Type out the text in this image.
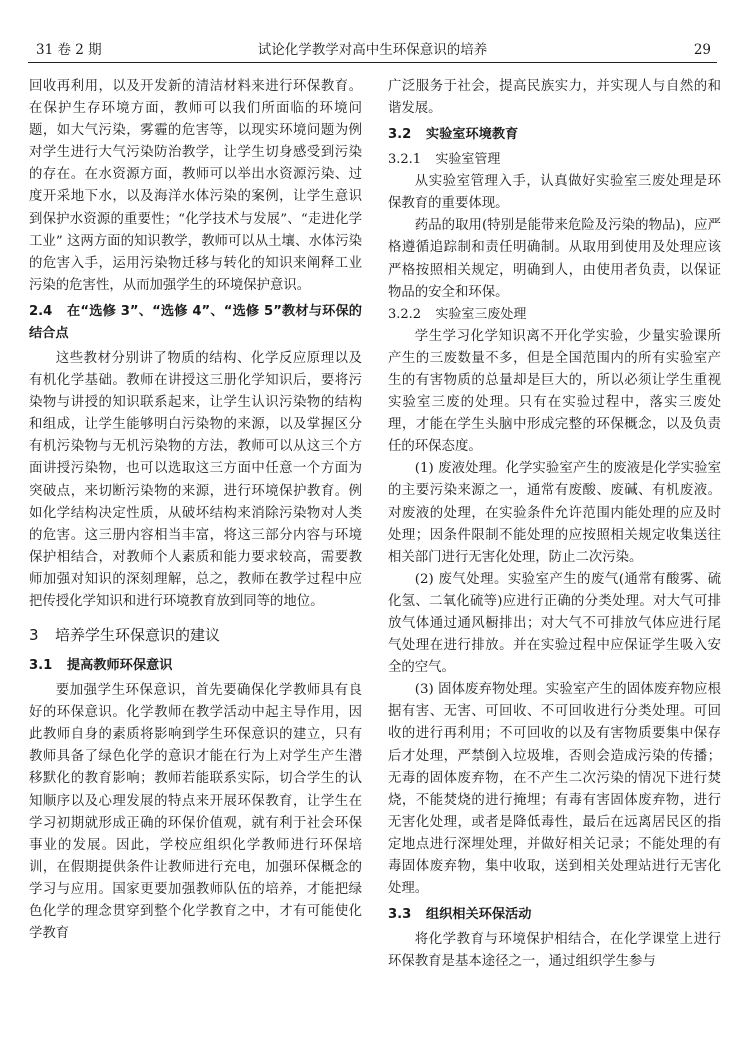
31 卷 2 期	试论化学教学对高中生环保意识的培养	29

回收再利用，以及开发新的清洁材料来进行环保教育。在保护生存环境方面，教师可以我们所面临的环境问题，如大气污染，雾霾的危害等，以现实环境问题为例对学生进行大气污染防治教学，让学生切身感受到污染的存在。在水资源方面，教师可以举出水资源污染、过度开采地下水，以及海洋水体污染的案例，让学生意识到保护水资源的重要性；“化学技术与发展”、“走进化学工业” 这两方面的知识教学，教师可以从土壤、水体污染的危害入手，运用污染物迁移与转化的知识来阐释工业污染的危害性，从而加强学生的环境保护意识。

2.4 在“选修 3”、“选修 4”、“选修 5”教材与环保的结合点

这些教材分别讲了物质的结构、化学反应原理以及有机化学基础。教师在讲授这三册化学知识后，要将污染物与讲授的知识联系起来，让学生认识污染物的结构和组成，让学生能够明白污染物的来源，以及掌握区分有机污染物与无机污染物的方法，教师可以从这三个方面讲授污染物，也可以选取这三方面中任意一个方面为突破点，来切断污染物的来源，进行环境保护教育。例如化学结构决定性质，从破坏结构来消除污染物对人类的危害。这三册内容相当丰富，将这三部分内容与环境保护相结合，对教师个人素质和能力要求较高，需要教师加强对知识的深刻理解，总之，教师在教学过程中应把传授化学知识和进行环境教育放到同等的地位。

3 培养学生环保意识的建议
3.1 提高教师环保意识

要加强学生环保意识，首先要确保化学教师具有良好的环保意识。化学教师在教学活动中起主导作用，因此教师自身的素质将影响到学生环保意识的建立，只有教师具备了绿色化学的意识才能在行为上对学生产生潜移默化的教育影响；教师若能联系实际，切合学生的认知顺序以及心理发展的特点来开展环保教育，让学生在学习初期就形成正确的环保价值观，就有利于社会环保事业的发展。因此，学校应组织化学教师进行环保培训，在假期提供条件让教师进行充电，加强环保概念的学习与应用。国家更要加强教师队伍的培养，才能把绿色化学的理念贯穿到整个化学教育之中，才有可能使化学教育

广泛服务于社会，提高民族实力，并实现人与自然的和谐发展。

3.2 实验室环境教育
3.2.1 实验室管理

从实验室管理入手，认真做好实验室三废处理是环保教育的重要体现。

药品的取用(特别是能带来危险及污染的物品)，应严格遵循追踪制和责任明确制。从取用到使用及处理应该严格按照相关规定，明确到人，由使用者负责，以保证物品的安全和环保。

3.2.2 实验室三废处理

学生学习化学知识离不开化学实验，少量实验课所产生的三废数量不多，但是全国范围内的所有实验室产生的有害物质的总量却是巨大的，所以必须让学生重视实验室三废的处理。只有在实验过程中，落实三废处理，才能在学生头脑中形成完整的环保概念，以及负责任的环保态度。

(1) 废液处理。化学实验室产生的废液是化学实验室的主要污染来源之一，通常有废酸、废碱、有机废液。对废液的处理，在实验条件允许范围内能处理的应及时处理；因条件限制不能处理的应按照相关规定收集送往相关部门进行无害化处理，防止二次污染。

(2) 废气处理。实验室产生的废气(通常有酸雾、硫化氢、二氧化硫等)应进行正确的分类处理。对大气可排放气体通过通风橱排出；对大气不可排放气体应进行尾气处理在进行排放。并在实验过程中应保证学生吸入安全的空气。

(3) 固体废弃物处理。实验室产生的固体废弃物应根据有害、无害、可回收、不可回收进行分类处理。可回收的进行再利用；不可回收的以及有害物质要集中保存后才处理，严禁倒入垃圾堆，否则会造成污染的传播；无毒的固体废弃物，在不产生二次污染的情况下进行焚烧，不能焚烧的进行掩埋；有毒有害固体废弃物，进行无害化处理，或者是降低毒性，最后在远离居民区的指定地点进行深埋处理，并做好相关记录；不能处理的有毒固体废弃物，集中收取，送到相关处理站进行无害化处理。

3.3 组织相关环保活动

将化学教育与环境保护相结合，在化学课堂上进行环保教育是基本途径之一，通过组织学生参与
